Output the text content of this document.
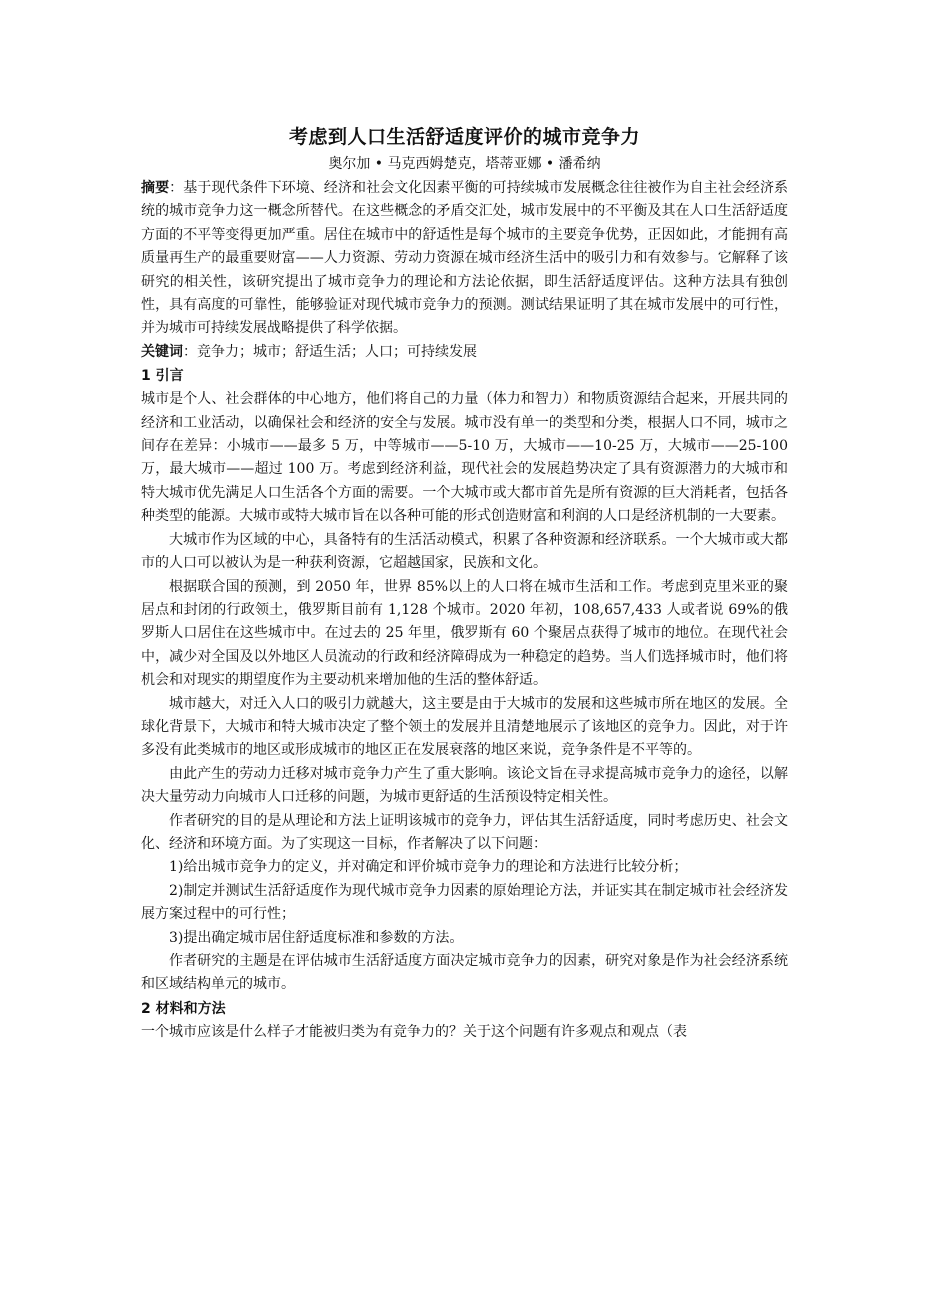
考虑到人口生活舒适度评价的城市竞争力
奥尔加 • 马克西姆楚克，塔蒂亚娜 • 潘希纳

摘要：基于现代条件下环境、经济和社会文化因素平衡的可持续城市发展概念往往被作为自主社会经济系统的城市竞争力这一概念所替代。在这些概念的矛盾交汇处，城市发展中的不平衡及其在人口生活舒适度方面的不平等变得更加严重。居住在城市中的舒适性是每个城市的主要竞争优势，正因如此，才能拥有高质量再生产的最重要财富——人力资源、劳动力资源在城市经济生活中的吸引力和有效参与。它解释了该研究的相关性，该研究提出了城市竞争力的理论和方法论依据，即生活舒适度评估。这种方法具有独创性，具有高度的可靠性，能够验证对现代城市竞争力的预测。测试结果证明了其在城市发展中的可行性，并为城市可持续发展战略提供了科学依据。

关键词：竞争力；城市；舒适生活；人口；可持续发展

1 引言

城市是个人、社会群体的中心地方，他们将自己的力量（体力和智力）和物质资源结合起来，开展共同的经济和工业活动，以确保社会和经济的安全与发展。城市没有单一的类型和分类，根据人口不同，城市之间存在差异：小城市——最多 5 万，中等城市——5-10 万，大城市——10-25 万，大城市——25-100 万，最大城市——超过 100 万。考虑到经济利益，现代社会的发展趋势决定了具有资源潜力的大城市和特大城市优先满足人口生活各个方面的需要。一个大城市或大都市首先是所有资源的巨大消耗者，包括各种类型的能源。大城市或特大城市旨在以各种可能的形式创造财富和利润的人口是经济机制的一大要素。

大城市作为区域的中心，具备特有的生活活动模式，积累了各种资源和经济联系。一个大城市或大都市的人口可以被认为是一种获利资源，它超越国家，民族和文化。

根据联合国的预测，到 2050 年，世界 85%以上的人口将在城市生活和工作。考虑到克里米亚的聚居点和封闭的行政领土，俄罗斯目前有 1,128 个城市。2020 年初，108,657,433 人或者说 69%的俄罗斯人口居住在这些城市中。在过去的 25 年里，俄罗斯有 60 个聚居点获得了城市的地位。在现代社会中，减少对全国及以外地区人员流动的行政和经济障碍成为一种稳定的趋势。当人们选择城市时，他们将机会和对现实的期望度作为主要动机来增加他的生活的整体舒适。

城市越大，对迁入人口的吸引力就越大，这主要是由于大城市的发展和这些城市所在地区的发展。全球化背景下，大城市和特大城市决定了整个领土的发展并且清楚地展示了该地区的竞争力。因此，对于许多没有此类城市的地区或形成城市的地区正在发展衰落的地区来说，竞争条件是不平等的。

由此产生的劳动力迁移对城市竞争力产生了重大影响。该论文旨在寻求提高城市竞争力的途径，以解决大量劳动力向城市人口迁移的问题，为城市更舒适的生活预设特定相关性。

作者研究的目的是从理论和方法上证明该城市的竞争力，评估其生活舒适度，同时考虑历史、社会文化、经济和环境方面。为了实现这一目标，作者解决了以下问题：

1)给出城市竞争力的定义，并对确定和评价城市竞争力的理论和方法进行比较分析；

2)制定并测试生活舒适度作为现代城市竞争力因素的原始理论方法，并证实其在制定城市社会经济发展方案过程中的可行性；

3)提出确定城市居住舒适度标准和参数的方法。

作者研究的主题是在评估城市生活舒适度方面决定城市竞争力的因素，研究对象是作为社会经济系统和区域结构单元的城市。

2 材料和方法

一个城市应该是什么样子才能被归类为有竞争力的？关于这个问题有许多观点和观点（表
